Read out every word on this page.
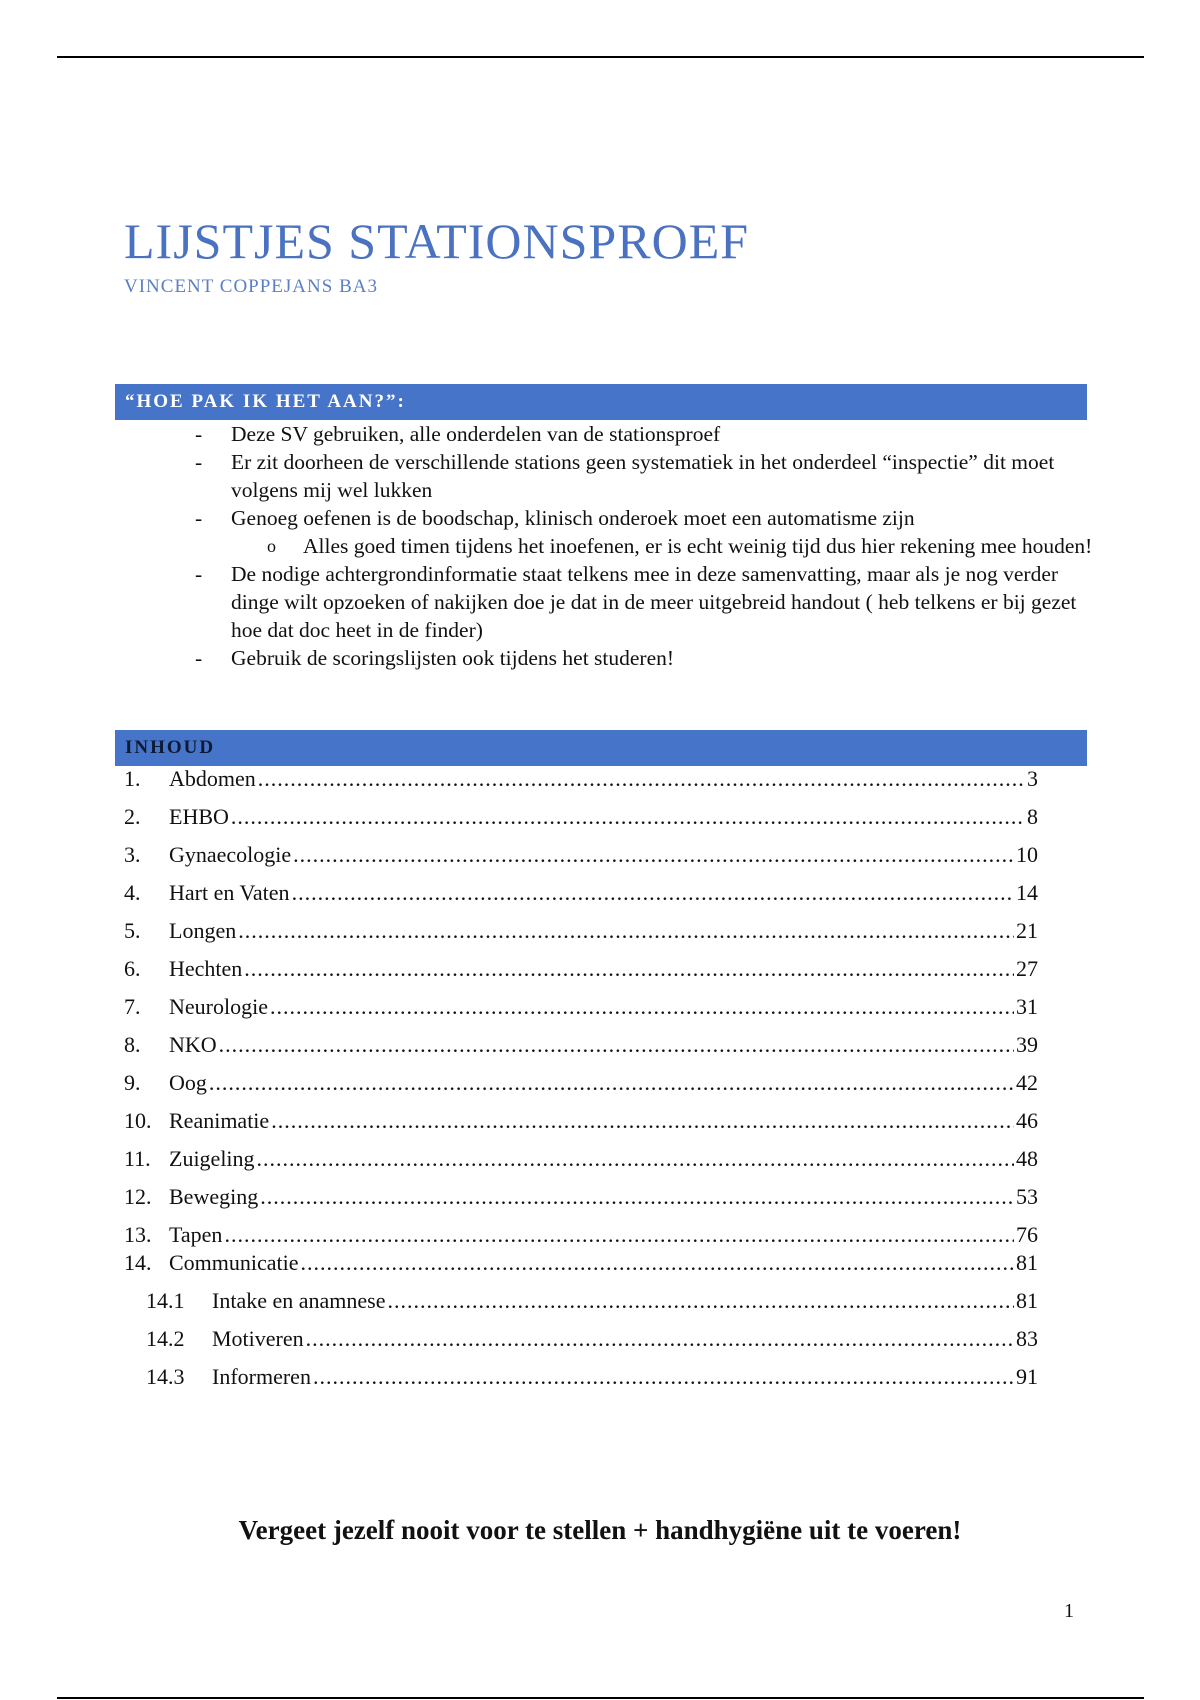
LIJSTJES STATIONSPROEF

VINCENT COPPEJANS BA3

“HOE PAK IK HET AAN?”:
- Deze SV gebruiken, alle onderdelen van de stationsproef
- Er zit doorheen de verschillende stations geen systematiek in het onderdeel “inspectie” dit moet volgens mij wel lukken
- Genoeg oefenen is de boodschap, klinisch onderoek moet een automatisme zijn
o Alles goed timen tijdens het inoefenen, er is echt weinig tijd dus hier rekening mee houden!
- De nodige achtergrondinformatie staat telkens mee in deze samenvatting, maar als je nog verder dinge wilt opzoeken of nakijken doe je dat in de meer uitgebreid handout ( heb telkens er bij gezet hoe dat doc heet in de finder)
- Gebruik de scoringslijsten ook tijdens het studeren!
INHOUD
1.	Abdomen .....	3
2.	EHBO .....	8
3.	Gynaecologie .....	10
4.	Hart en Vaten .....	14
5.	Longen .....	21
6.	Hechten .....	27
7.	Neurologie .....	31
8.	NKO .....	39
9.	Oog .....	42
10. Reanimatie .....	46
11. Zuigeling .....	48
12. Beweging .....	53
13. Tapen .....	76
14. Communicatie .....	81
14.1	Intake en anamnese .....	81
14.2	Motiveren .....	83
14.3	Informeren .....	91

Vergeet jezelf nooit voor te stellen + handhygiëne uit te voeren!

1
